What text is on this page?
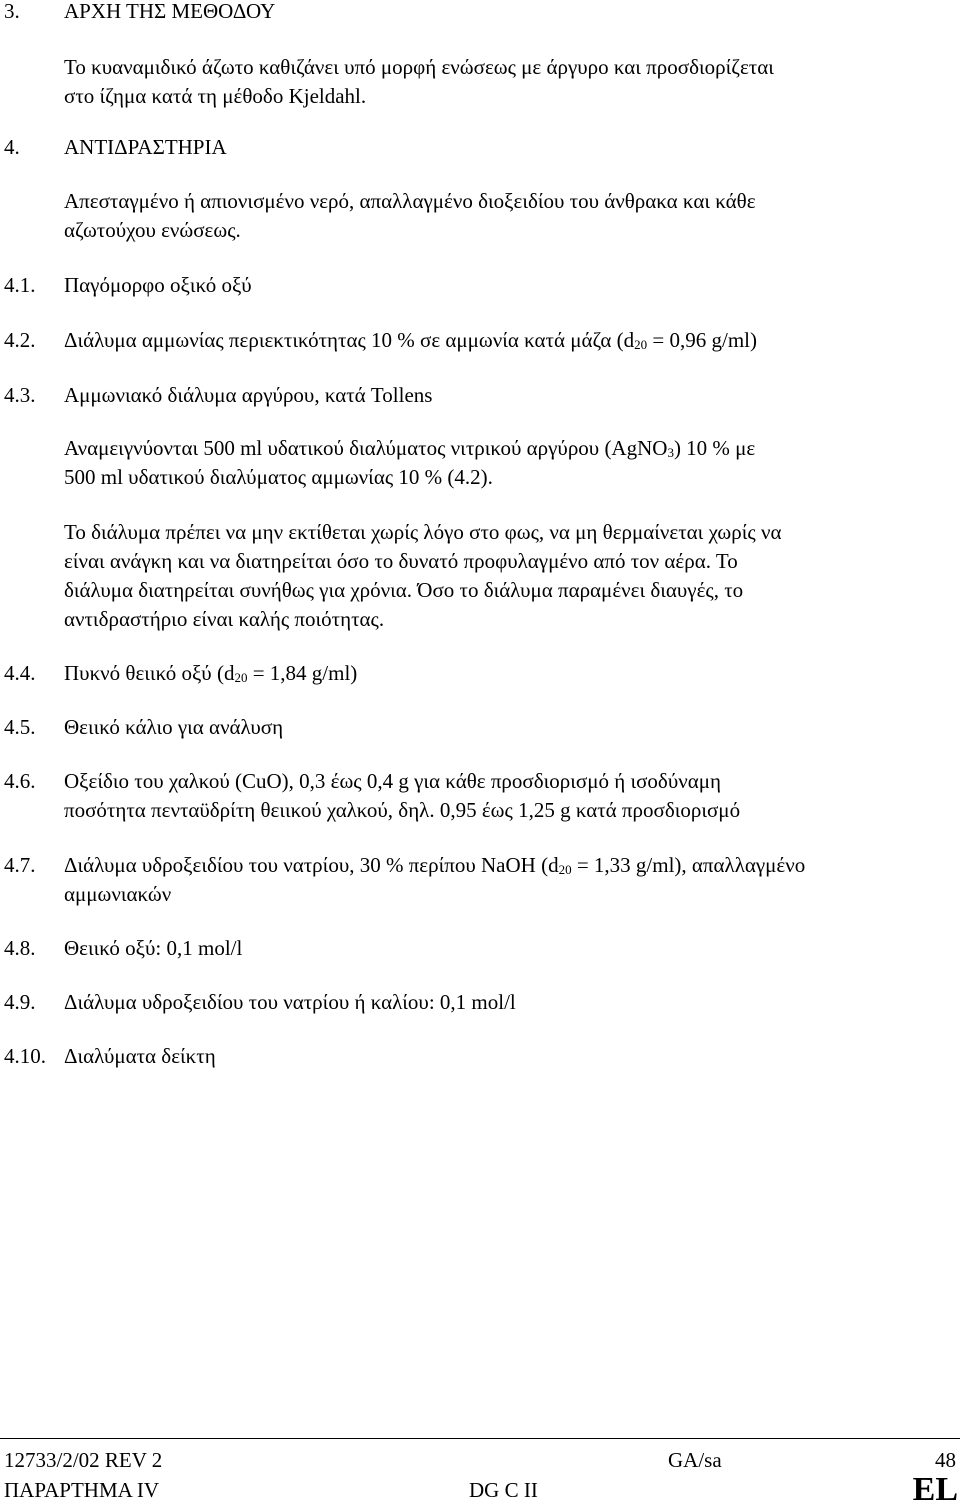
3. ΑΡΧΗ ΤΗΣ ΜΕΘΟΔΟΥ
Το κυαναμιδικό άζωτο καθιζάνει υπό μορφή ενώσεως με άργυρο και προσδιορίζεται
στο ίζημα κατά τη μέθοδο Kjeldahl.
4. ΑΝΤΙΔΡΑΣΤΗΡΙΑ
Απεσταγμένο ή απιονισμένο νερό, απαλλαγμένο διοξειδίου του άνθρακα και κάθε
αζωτούχου ενώσεως.
4.1. Παγόμορφο οξικό οξύ
4.2. Διάλυμα αμμωνίας περιεκτικότητας 10 % σε αμμωνία κατά μάζα ($d_{20} = 0,96$ g/ml)
4.3. Αμμωνιακό διάλυμα αργύρου, κατά Tollens
Αναμειγνύονται 500 ml υδατικού διαλύματος νιτρικού αργύρου (AgNO$_3$) 10 % με
500 ml υδατικού διαλύματος αμμωνίας 10 % (4.2).
Το διάλυμα πρέπει να μην εκτίθεται χωρίς λόγο στο φως, να μη θερμαίνεται χωρίς να
είναι ανάγκη και να διατηρείται όσο το δυνατό προφυλαγμένο από τον αέρα. Το
διάλυμα διατηρείται συνήθως για χρόνια. Όσο το διάλυμα παραμένει διαυγές, το
αντιδραστήριο είναι καλής ποιότητας.
4.4. Πυκνό θειικό οξύ ($d_{20} = 1,84$ g/ml)
4.5. Θειικό κάλιο για ανάλυση
4.6. Οξείδιο του χαλκού (CuO), 0,3 έως 0,4 g για κάθε προσδιορισμό ή ισοδύναμη
ποσότητα πενταϋδρίτη θειικού χαλκού, δηλ. 0,95 έως 1,25 g κατά προσδιορισμό
4.7. Διάλυμα υδροξειδίου του νατρίου, 30 % περίπου NaOH ($d_{20} = 1,33$ g/ml), απαλλαγμένο
αμμωνιακών
4.8. Θειικό οξύ: 0,1 mol/l
4.9. Διάλυμα υδροξειδίου του νατρίου ή καλίου: 0,1 mol/l
4.10. Διαλύματα δείκτη
12733/2/02 REV 2	GA/sa	48
ΠΑΡΑΡΤΗΜΑ IV	DG C II	EL
